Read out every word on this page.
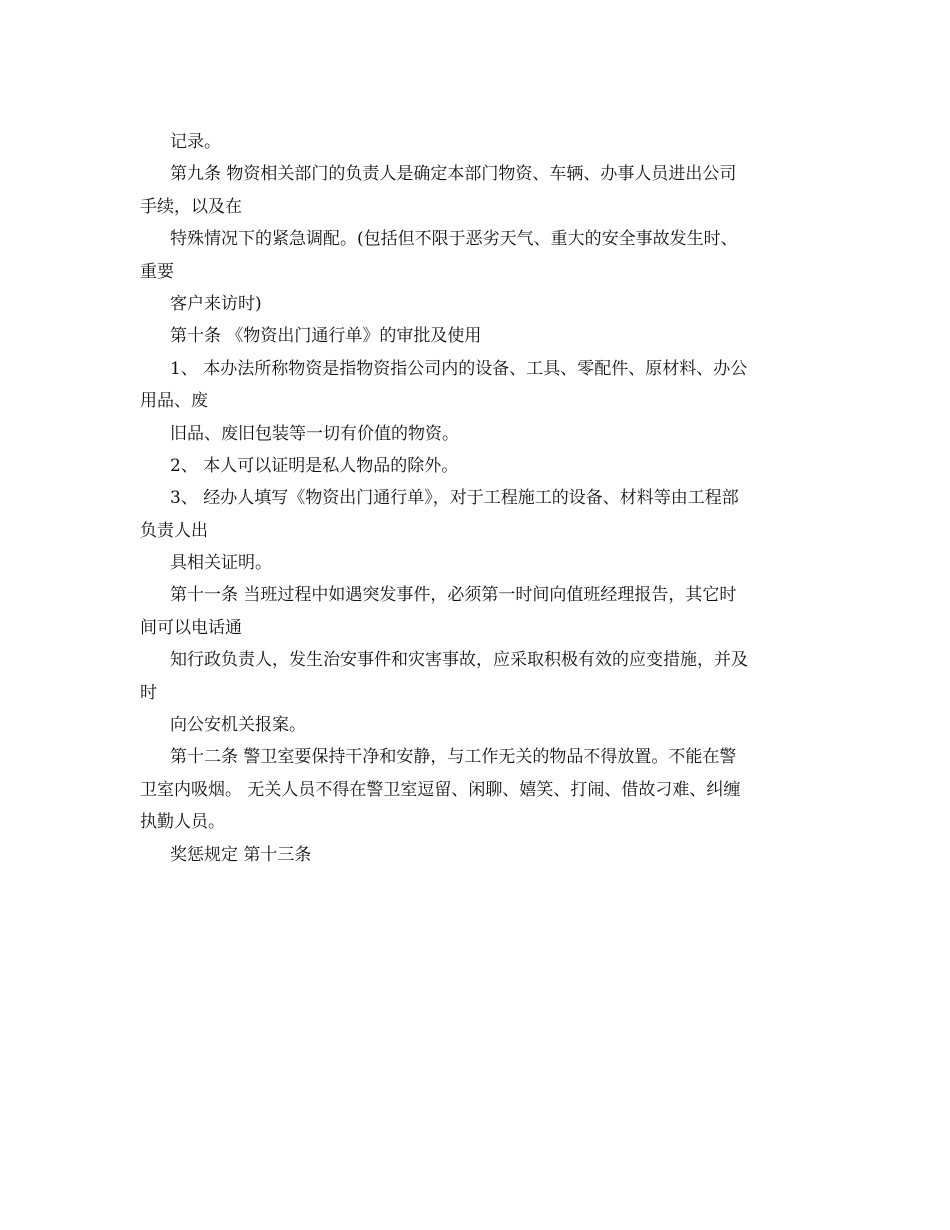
记录。

第九条 物资相关部门的负责人是确定本部门物资、车辆、办事人员进出公司

手续，以及在

特殊情况下的紧急调配。(包括但不限于恶劣天气、重大的安全事故发生时、

重要

客户来访时)

第十条 《物资出门通行单》的审批及使用

1、 本办法所称物资是指物资指公司内的设备、工具、零配件、原材料、办公

用品、废

旧品、废旧包装等一切有价值的物资。

2、 本人可以证明是私人物品的除外。

3、 经办人填写《物资出门通行单》，对于工程施工的设备、材料等由工程部

负责人出

具相关证明。

第十一条 当班过程中如遇突发事件，必须第一时间向值班经理报告，其它时

间可以电话通

知行政负责人，发生治安事件和灾害事故，应采取积极有效的应变措施，并及

时

向公安机关报案。

第十二条 警卫室要保持干净和安静，与工作无关的物品不得放置。不能在警

卫室内吸烟。 无关人员不得在警卫室逗留、闲聊、嬉笑、打闹、借故刁难、纠缠

执勤人员。

奖惩规定 第十三条
